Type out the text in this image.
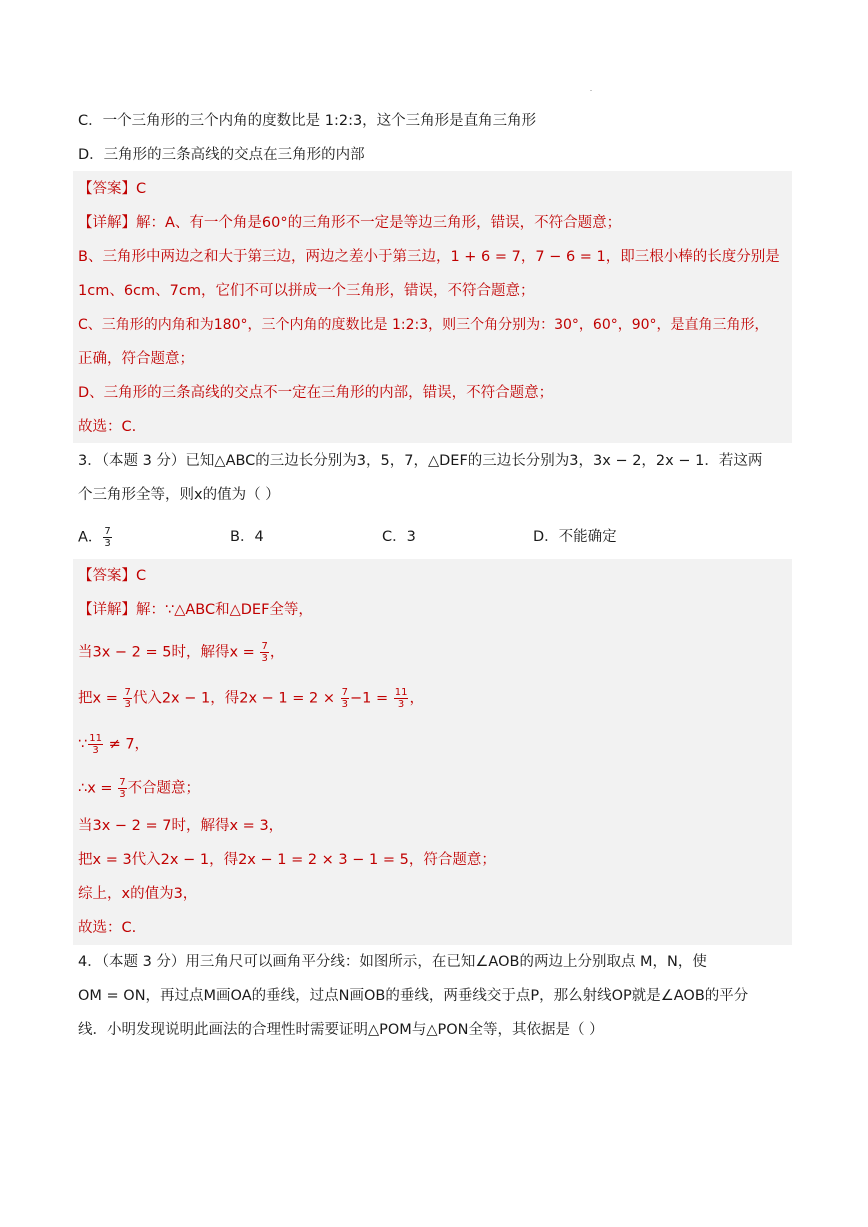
C．一个三角形的三个内角的度数比是 1:2:3，这个三角形是直角三角形
D．三角形的三条高线的交点在三角形的内部
【答案】C
【详解】解：A、有一个角是60°的三角形不一定是等边三角形，错误，不符合题意；
B、三角形中两边之和大于第三边，两边之差小于第三边，1 + 6 = 7，7 − 6 = 1，即三根小棒的长度分别是
1cm、6cm、7cm，它们不可以拼成一个三角形，错误，不符合题意；
C、三角形的内角和为180°，三个内角的度数比是 1:2:3，则三个角分别为：30°，60°，90°，是直角三角形，
正确，符合题意；
D、三角形的三条高线的交点不一定在三角形的内部，错误，不符合题意；
故选：C.
3．（本题 3 分）已知△ABC的三边长分别为3，5，7，△DEF的三边长分别为3，3x − 2，2x − 1．若这两
个三角形全等，则x的值为（ ）
A． $\frac{7}{3}$	B．4	C．3	D．不能确定
【答案】C
【详解】解：∵△ABC和△DEF全等，
当3x − 2 = 5时，解得$x = \frac{7}{3}$ ，
把$x = \frac{7}{3}$ 代入2x − 1，得$2x - 1 = 2 \times \frac{7}{3} -1 = \frac{11}{3}$ ，
∵ $\frac{11}{3} \ne 7$，
∴x = $\frac{7}{3}$ 不合题意；
当3x − 2 = 7时，解得x = 3，
把x = 3代入2x − 1，得2x − 1 = 2 × 3 − 1 = 5，符合题意；
综上，x的值为3，
故选：C.
4．（本题 3 分）用三角尺可以画角平分线：如图所示，在已知∠AOB的两边上分别取点 M，N，使
OM = ON，再过点M画OA的垂线，过点N画OB的垂线，两垂线交于点P，那么射线OP就是∠AOB的平分
线．小明发现说明此画法的合理性时需要证明△POM与△PON全等，其依据是（ ）
